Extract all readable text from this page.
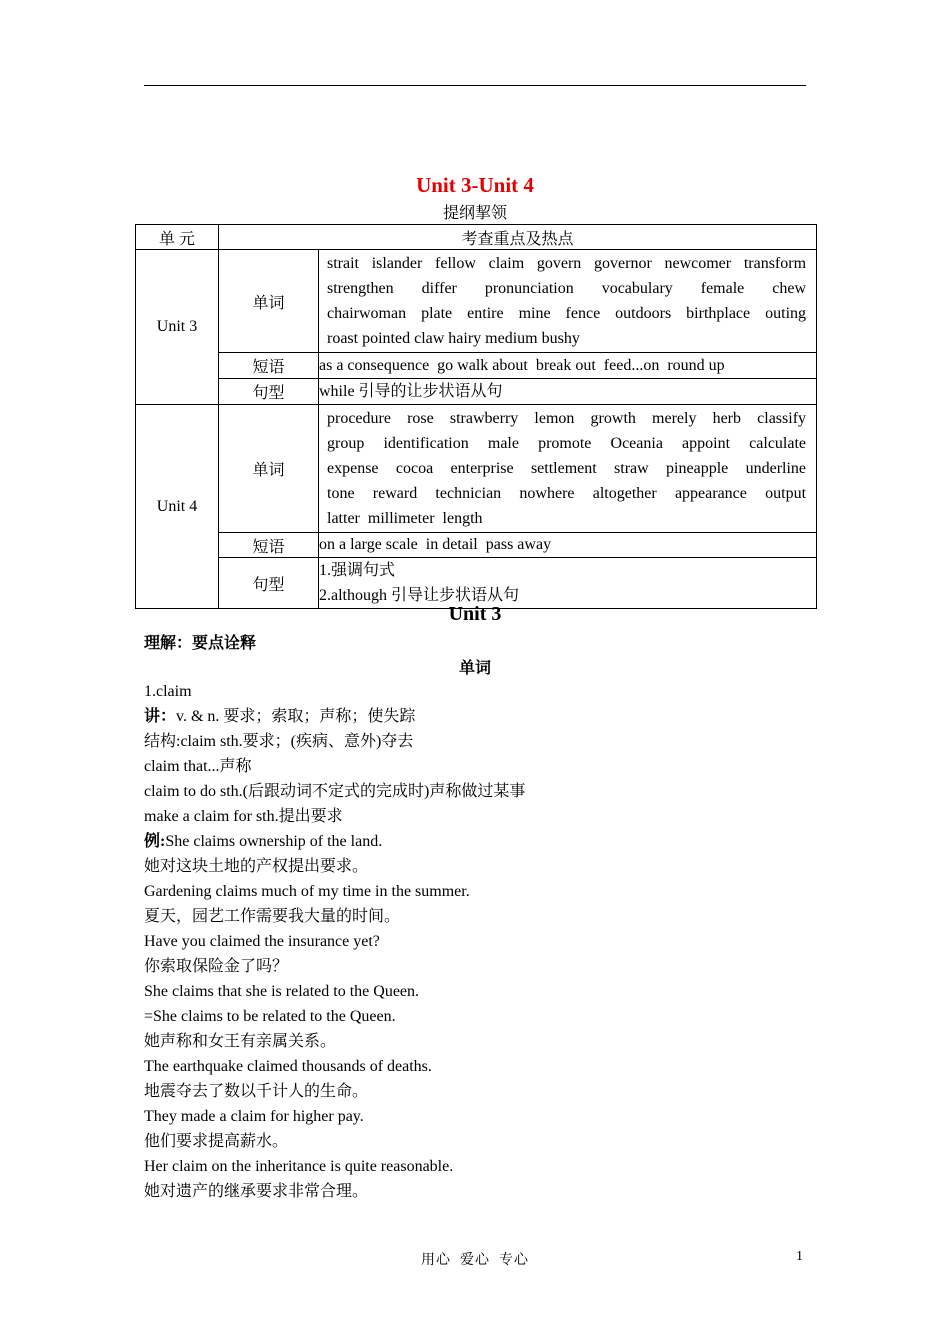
Unit 3-Unit 4
提纲挈领
单 元	考查重点及热点	
Unit 3	单词	strait islander fellow claim govern governor newcomer transform
strengthen differ pronunciation vocabulary female chew
chairwoman plate entire mine fence outdoors birthplace outing
roast pointed claw hairy medium bushy

	短语	as a consequence  go walk about  break out  feed...on  round up
	句型	while 引导的让步状语从句
Unit 4	单词	procedure rose strawberry lemon growth merely herb classify
group identification male promote Oceania appoint calculate
expense cocoa enterprise settlement straw pineapple underline
tone reward technician nowhere altogether appearance output
latter  millimeter  length

	短语	on a large scale  in detail  pass away
	句型	1.强调句式
2.although 引导让步状语从句
Unit 3
理解：要点诠释
单词
1.claim
讲：v. & n. 要求；索取；声称；使失踪
结构:claim sth.要求；(疾病、意外)夺去
claim that...声称
claim to do sth.(后跟动词不定式的完成时)声称做过某事
make a claim for sth.提出要求
例:She claims ownership of the land.
她对这块土地的产权提出要求。
Gardening claims much of my time in the summer.
夏天，园艺工作需要我大量的时间。
Have you claimed the insurance yet?
你索取保险金了吗？
She claims that she is related to the Queen.
=She claims to be related to the Queen.
她声称和女王有亲属关系。
The earthquake claimed thousands of deaths.
地震夺去了数以千计人的生命。
They made a claim for higher pay.
他们要求提高薪水。
Her claim on the inheritance is quite reasonable.
她对遗产的继承要求非常合理。
用心  爱心  专心	1
